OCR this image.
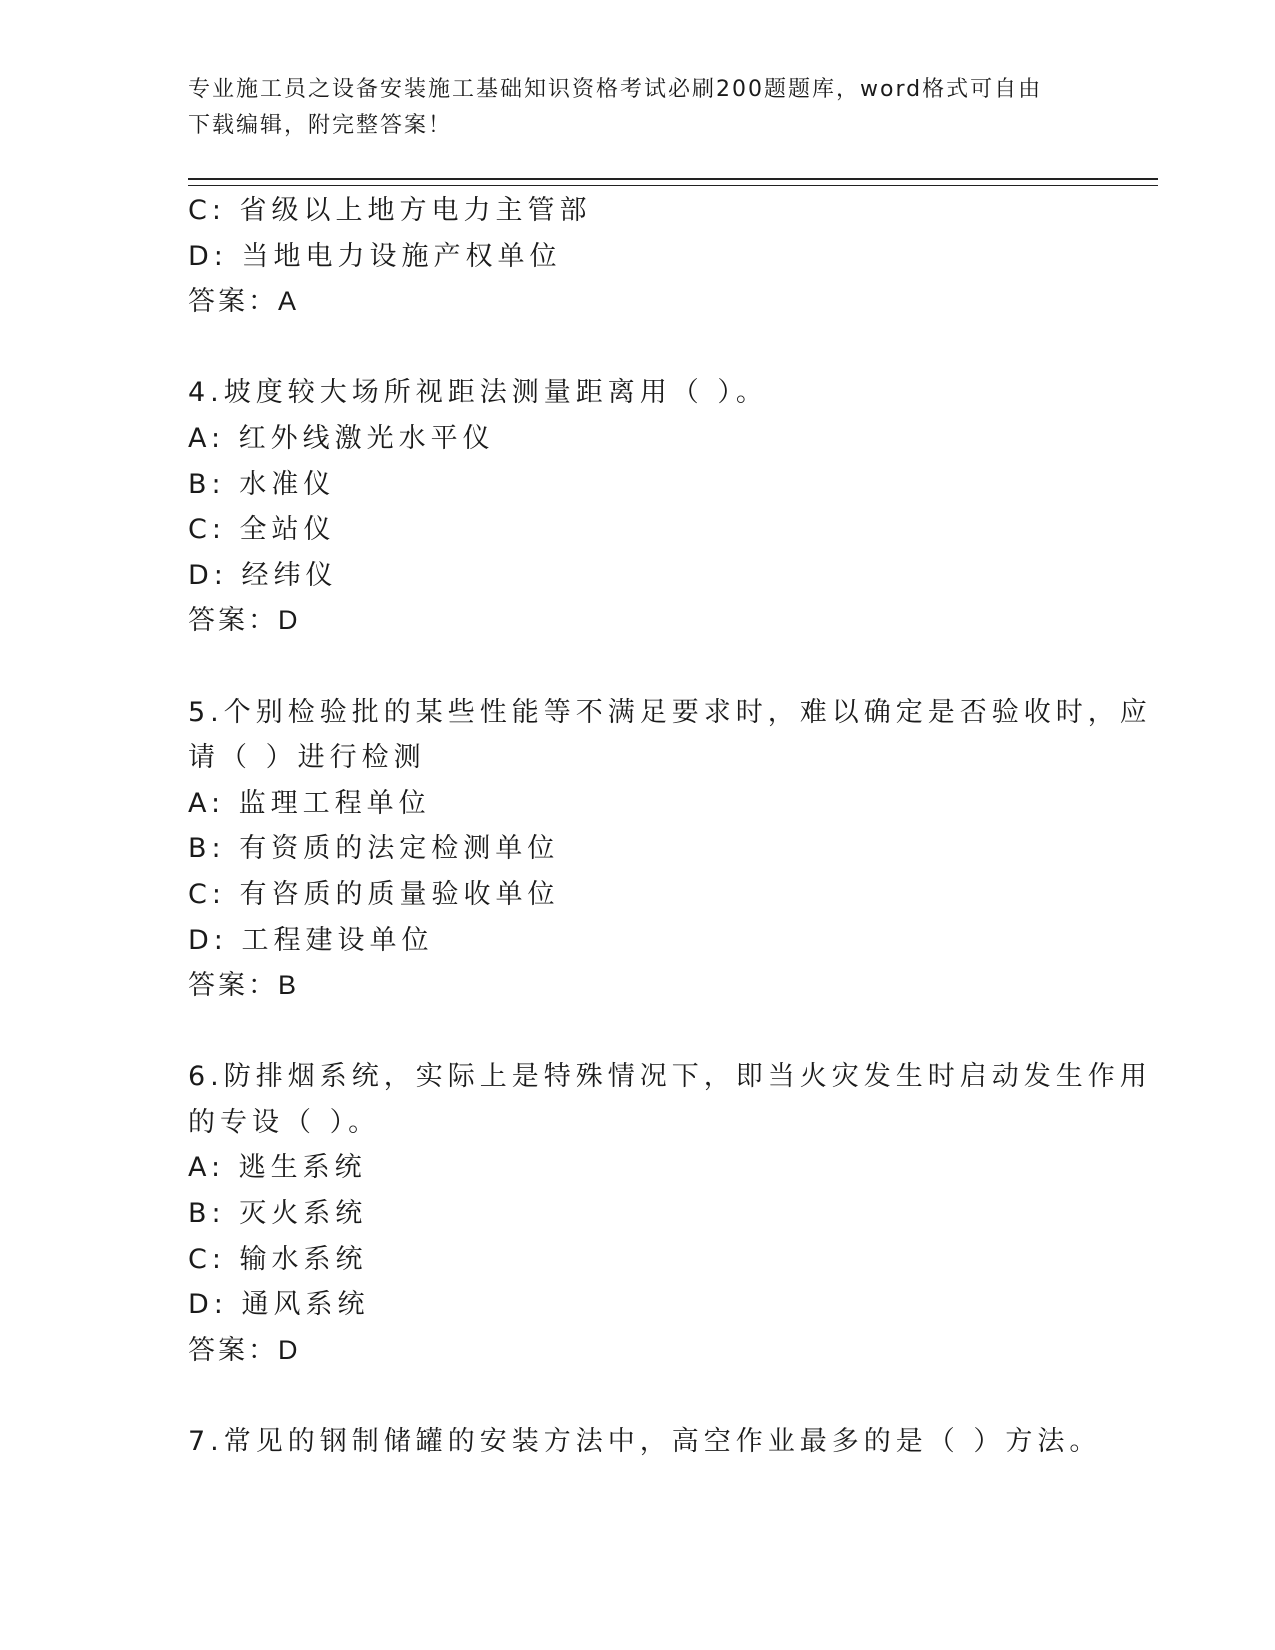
专业施工员之设备安装施工基础知识资格考试必刷200题题库，word格式可自由
下载编辑，附完整答案！
C: 省级以上地方电力主管部
D: 当地电力设施产权单位
答案：A
4.坡度较大场所视距法测量距离用（ ）。
A: 红外线激光水平仪
B: 水准仪
C: 全站仪
D: 经纬仪
答案：D
5.个别检验批的某些性能等不满足要求时，难以确定是否验收时，应
请（ ）进行检测
A: 监理工程单位
B: 有资质的法定检测单位
C: 有咨质的质量验收单位
D: 工程建设单位
答案：B
6.防排烟系统，实际上是特殊情况下，即当火灾发生时启动发生作用
的专设（ ）。
A: 逃生系统
B: 灭火系统
C: 输水系统
D: 通风系统
答案：D
7.常见的钢制储罐的安装方法中，高空作业最多的是（ ）方法。
